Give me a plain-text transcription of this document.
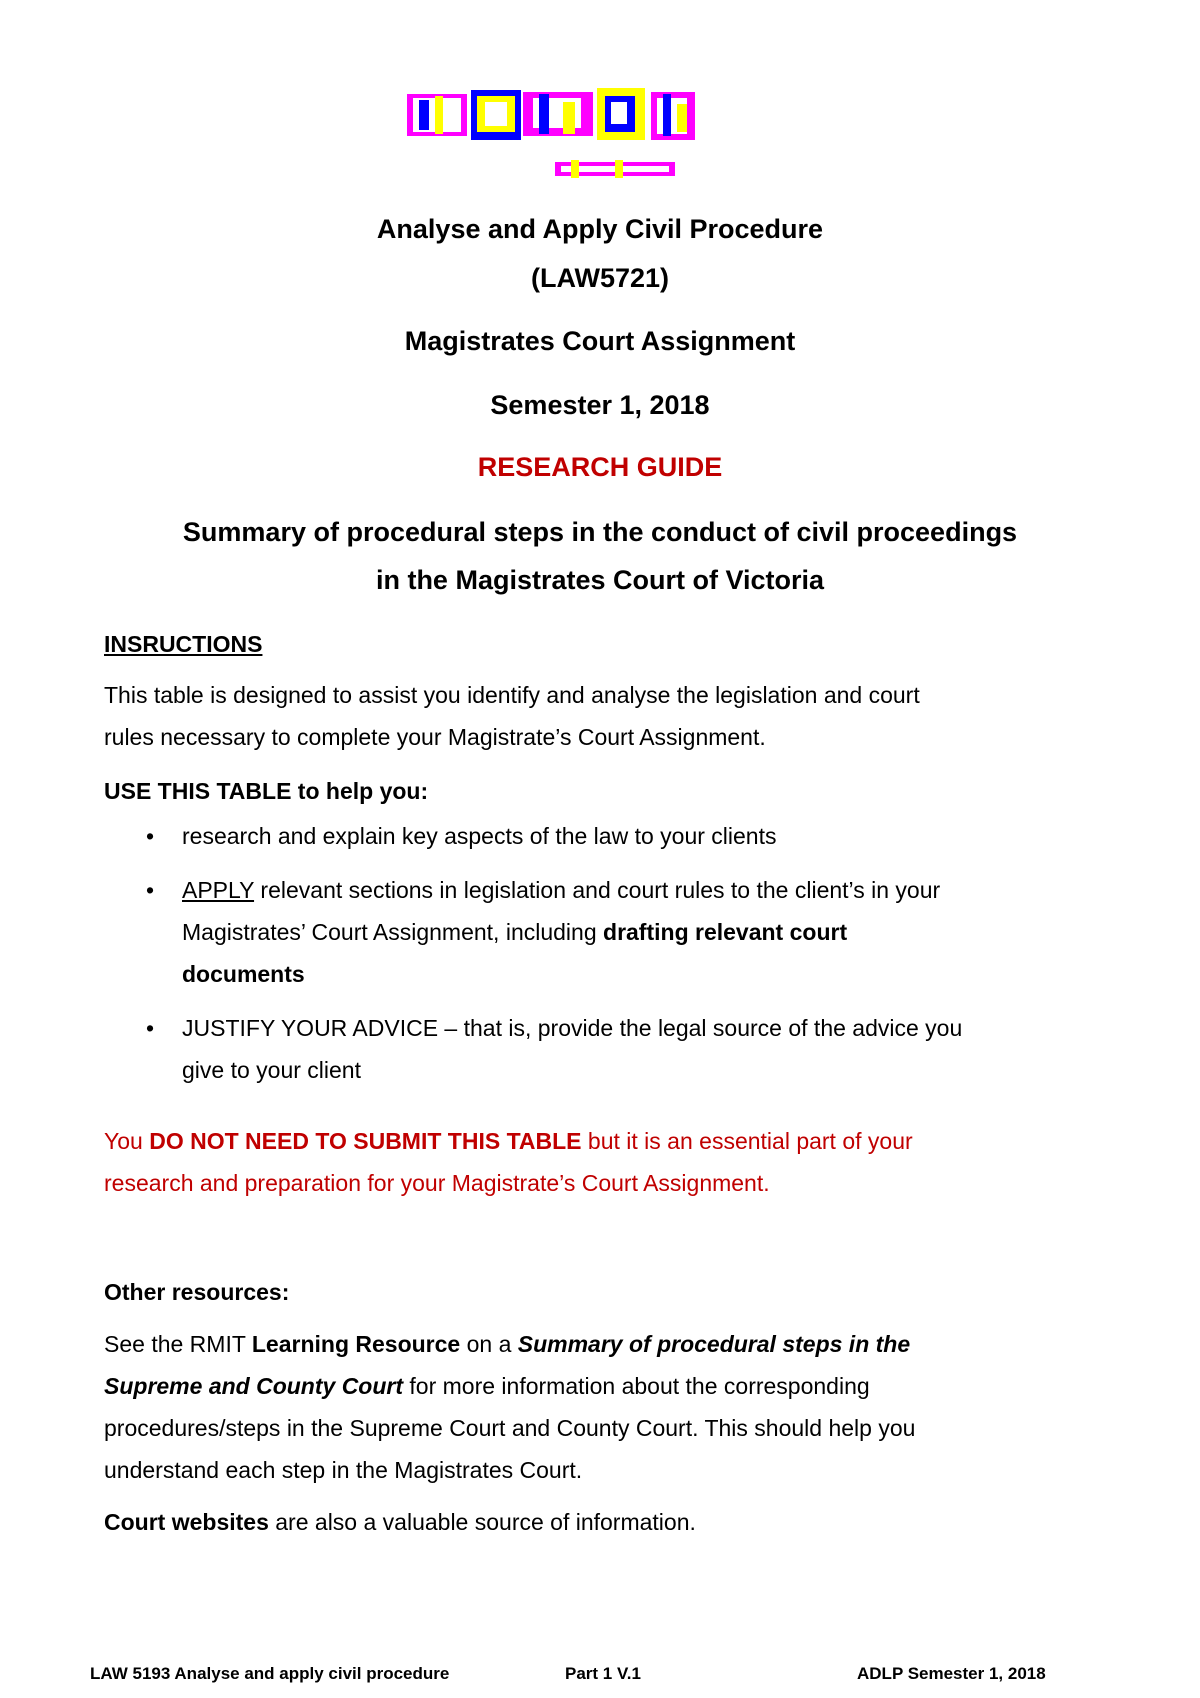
Analyse and Apply Civil Procedure
(LAW5721)
Magistrates Court Assignment
Semester 1, 2018
RESEARCH GUIDE
Summary of procedural steps in the conduct of civil proceedings
in the Magistrates Court of Victoria
INSRUCTIONS
This table is designed to assist you identify and analyse the legislation and court
rules necessary to complete your Magistrate’s Court Assignment.
USE THIS TABLE to help you:
• research and explain key aspects of the law to your clients
• APPLY relevant sections in legislation and court rules to the client’s in your
Magistrates’ Court Assignment, including drafting relevant court
documents
• JUSTIFY YOUR ADVICE – that is, provide the legal source of the advice you
give to your client
You DO NOT NEED TO SUBMIT THIS TABLE but it is an essential part of your
research and preparation for your Magistrate’s Court Assignment.
Other resources:
See the RMIT Learning Resource on a Summary of procedural steps in the
Supreme and County Court for more information about the corresponding
procedures/steps in the Supreme Court and County Court. This should help you
understand each step in the Magistrates Court.
Court websites are also a valuable source of information.
LAW 5193 Analyse and apply civil procedure	Part 1 V.1	ADLP Semester 1, 2018
